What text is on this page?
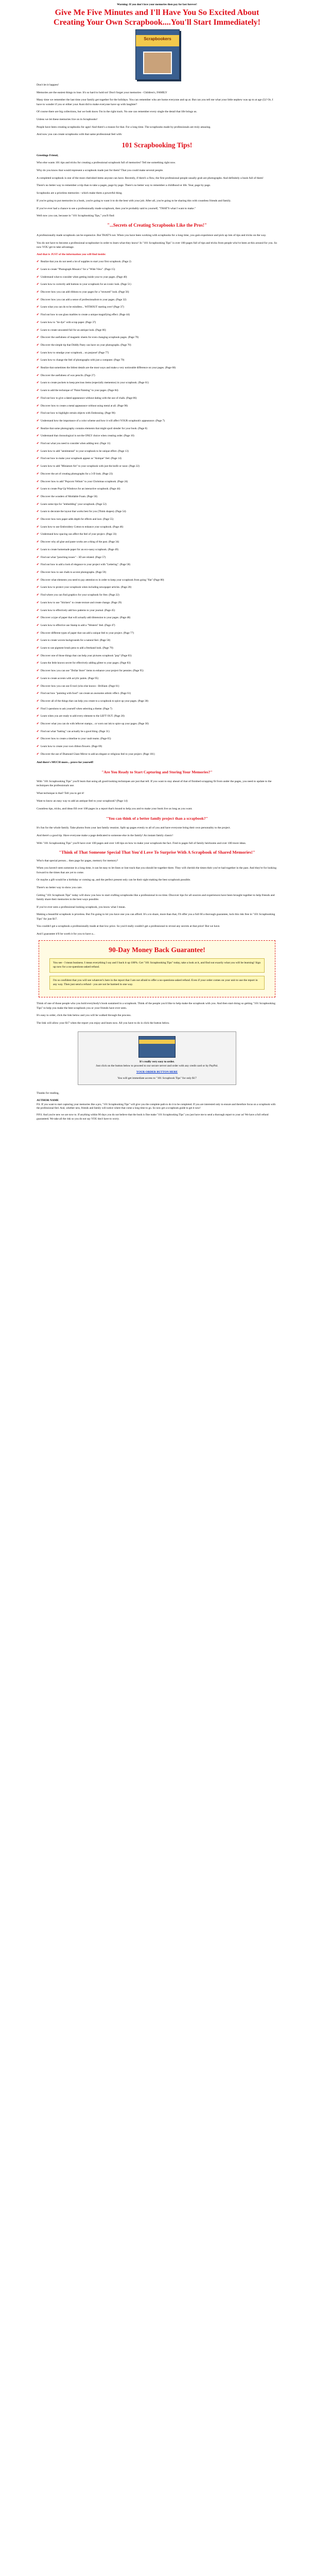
Warning: If you don't love your memories then pay for last forever!

Give Me Five Minutes and I'll Have You So Excited About Creating Your Own Scrapbook....You'll Start Immediately!
Scrapbookers

Don't let it happen!

Memories are the easiest things to lose. It's so hard to hold on! Don't forget your memories - Children's, FAMILY

Many time we remember the last time your family get together for the holidays. You can remember who are home everyone and up at. But can you tell me what your little nephew was up to at age (5)? Or, I have to wonder if you or either your Aunt did to make everyone have up with laughter?

Of course there are big collections, but we both know I'm in the right track. No one can remember every single the detail that life brings us.

Unless we let these memories live on in Scrapbooks!

People have been creating scrapbooks for ages! And there's a reason for that. For a long time. The scrapbooks made by professionals are truly amazing.

And now you can create scrapbooks with that same professional feel with:

101 Scrapbooking Tips!

Greetings Friend,

Who else wants 101 tips and tricks for creating a professional scrapbook full of memories? Tell me something right now.

Why do you know that would represent a scrapbook made just for them? That you could make several people.

A completed scrapbook is one of the most cherished items anyone can have. Recently, if there's a flow, the first professional people usually grab are photographs. And definitely a book full of them!

There's no better way to remember a trip than to take a pages, page by page. There's no better way to remember a childhood or life. Year, page by page.

Scrapbooks are a priceless memories - which make them a powerful thing.

If you're going to put memories in a book, you're going to want it to do the best with your job. After all, you're going to be sharing this with countless friends and family.

If you've ever had a chance to see a professionally made scrapbook, then you're probably said to yourself, "THAT'S what I want to make."

Well now you can, because in "101 Scrapbooking Tips," you'll find:

"...Secrets of Creating Scrapbooks Like the Pros!"

A professionally made scrapbook can be expensive. But THAT'S not. When you have been working with scrapbooks for a long time, you gain experience and pick up lots of tips and tricks on the way.

You do not have to become a professional scrapbooker in order to learn what they know! In "101 Scrapbooking Tips" is over 100 pages full of tips and tricks from people who've been at this around for you. So now YOU get to take advantage.

And that is JUST of the information you will find inside:

✔ Realize that you do not need a lot of supplies to start your first scrapbook. (Page 2)
✔ Learn to create "Photograph Mosaics" for a "Wide View". (Page 15)
✔ Understand what to consider when getting inside your to your pages. (Page 40)
✔ Learn how to correctly add buttons to your scrapbook for an iconic look. (Page 51)
✔ Discover how you can add ribbons to your pages for a "textured" look. (Page 56)
✔ Discover how you can add a sense of professionalism to your pages. (Page 32)
✔ Learn what you can do to be mindless... WITHOUT starting over! (Page 37)
✔ Find out how to use glass marbles to create a unique magnifying effect. (Page 44)
✔ Learn how to "tie dye" with scrap paper. (Page 37)
✔ Learn to create unwanted fail for an antique look. (Page 66)
✔ Discover the usefulness of magnetic sheets for even changing scrapbook pages. (Page 79)
✔ Discover the simple tip that Diddly Pasty can have on your photographs. (Page 70)
✔ Learn how to smudge your scrapbook... on purpose! (Page 77)
✔ Learn how to change the feel of photographs with just a computer. (Page 79)
✔ Realize that sometimes the littlest details are the most ways and make a very noticeable difference on your pages. (Page 60)
✔ Discover the usefulness of wax pencils. (Page 27)
✔ Learn to create pockets to keep precious items (especially mementos) in your scrapbook. (Page 61)
✔ Learn to add the technique of "Paint Painting" to your pages. (Page 84)
✔ Find out how to give a dated appearance without dating with the use of chalk. (Page 86)
✔ Discover how to create a metal appearance without using metal at all. (Page 90)
✔ Find out how to highlight certain objects with Embossing. (Page 96)
✔ Understand how the importance of a color scheme and how it will affect YOUR scrapbook's appearance. (Page 7)
✔ Realize that some photography contains elements that might spoil slender for your book. (Page 8)
✔ Understand that chronological is not the ONLY choice when creating order. (Page 10)
✔ Find out what you need to consider when adding text. (Page 11)
✔ Learn how to add "sentimental" to your scrapbook to be unique effect. (Page 13)
✔ Find out how to make your scrapbook appear as "Antique" feel. (Page 14)
✔ Learn how to add "Miniature Art" to your scrapbook with just the knife or razor. (Page 22)
✔ Discover the art of creating photographs for a 3-D look. (Page 23)
✔ Discover how to add "Popcorn Vellum" to your Christmas scrapbook. (Page 24)
✔ Learn to create Pop-Up Windows for an interactive scrapbook. (Page 44)
✔ Discover the wonders of Moldable Foam. (Page 50)
✔ Learn some tips for "embedding" your scrapbook. (Page 52)
✔ Learn to decorate the layout that works best for you (Think shapes). (Page 54)
✔ Discover how torn paper adds depth for effects and lace. (Page 55)
✔ Learn how to use Embroidery Cotton to enhance your scrapbook. (Page 46)
✔ Understand how spacing can affect the feel of your project. (Page 33)
✔ Discover why all glue and paste works are a thing of the past. (Page 34)
✔ Learn to create homemade paper for an eco-sassy scrapbook. (Page 49)
✔ Find out what "punching issues" - 3D are related. (Page 57)
✔ Find out how to add a look of elegance to your project with "Lettering". (Page 58)
✔ Discover how to use chalk to accent photographs. (Page 59)
✔ Discover what elements you need to pay attention to in order to keep your scrapbook from going "flat" (Page 80)
✔ Learn how to protect your scrapbook when including newspaper articles. (Page 20)
✔ Find where you can find graphics for your scrapbook for free. (Page 22)
✔ Learn how to use "Stickers" to create texture and create change. (Page 29)
✔ Learn how to effectively add box patterns to your journal. (Page 45)
✔ Discover a type of paper that will actually add dimension to your pages. (Page 48)
✔ Learn how to effective use Stamp to add a "Western" feel. (Page 47)
✔ Discover different types of paper that can add a unique feel to your project. (Page 77)
✔ Learn to create woven backgrounds for a natural feel. (Page 50)
✔ Learn to use pigment brush pens to add a freehand look. (Page 79)
✔ Discover one of those things that can help your pictures scrapbook "pop" (Page 83)
✔ Learn the little known secret for effectively adding glitter to your pages. (Page 83)
✔ Discover how you can use "Dollar Store" items to enhance your project for pennies. (Page 95)
✔ Learn to create accents with acrylic paints. (Page 95)
✔ Discover how you can use E-tool (who else knows - Brilliant. (Page 61)
✔ Find out how "painting with food" can create an awesome artistic effect. (Page 61)
✔ Discover all of the things that can help you create to a scrapbook to spice up your pages. (Page 30)
✔ Find 3 questions to ask yourself when selecting a theme. (Page 7)
✔ Learn when you are ready to add every element to the LEFT OUT. (Page 20)
✔ Discover what you can do with leftover stamps... or worn out ink to spice up your pages. (Page 30)
✔ Find out what "batting" can actually be a good thing. (Page 31)
✔ Discover how to create a timeline to your vault teams. (Page 65)
✔ Learn how to create your own ribbon flowers. (Page 69)
✔ Discover the use of Diamond Glaze Mirror to add an elegant or religious feel to your project. (Page 101)

And there's MUCH more... prove for yourself!

"Are You Ready to Start Capturing and Storing Your Memories?"

With "101 Scrapbooking Tips" you'll learn that using all good-looking techniques are just that tell. If you want to stay ahead of that of finished scrapping fit from under the pages, you need to update to the techniques the professionals use.

What technique is that? Tell you to get it!

Want to know an easy way to add an antique feel to your scrapbook? (Page 14)

Countless tips, tricks, and ideas fill over 100 pages in a report that's bound to help you and to make your book live as long as you want.

"You can think of a better family project than a scrapbook?"

It's fun for the whole family. Take photos from your last family reunion. Split up pages evenly to all of you and have everyone bring their own personality to the project.

And there's a good tip. Have everyone make a page dedicated to someone else in the family! An instant family classic!

With "101 Scrapbooking Tips" you'll have over 100 pages and over 140 tips on how to make your scrapbook the fact. Find in pages full of family heirlooms and over 100 more ideas.

"Think of That Someone Special That You'd Love To Surprise With A Scrapbook of Shared Memories!"

Who's that special person... then page for pages, memory for memory?

When you haven't seen someone in a long time, it can be easy to let lines or lost track that you should be together there. They will cherish the times their you've had together in the past. And they're for looking forward to the times that are yet to come.

Or maybe a gift would be a birthday or coming up, and the perfect present only can be their sight making the best scrapbook possible.

There's no better way to show you care.

Getting "101 Scrapbook Tips" today will show you how to start crafting scrapbooks like a professional in no time. Discover tips for all sources and experiences have been brought together to help friends and family share their memories in the best ways possible.

If you've ever seen a professional looking scrapbook, you know what I mean.

Making a beautiful scrapbook is priceless. But I'm going to let you have one you can afford. It's a to share, more than that, I'll offer you a full 60 a thorough guarantee, lock this risk free in "101 Scrapbooking Tips" for just $17.

You couldn't get a scrapbook a professionally made at that low price. So you'd really couldn't get a professional to reveal any secrets at that price! But we have.

And I guarantee it'll be worth it for you to have a...

90-Day Money Back Guarantee!
You see - I mean business. I mean everything I say and I back it up 100%. Get "101 Scrapbooking Tips" today, take a look at it, and find out exactly what you will be learning! Sign up now for a no-questions-asked refund.
I'm so confident that you will see whatever's here in the report that I am not afraid to offer a no-questions-asked refund. Even if your order comes on your unit to use the report in any way. Then just send a refund - you are not be harmed in one way.

Think of one of those people who you hold everybody's book sustained in a scrapbook. Think of the people you'd like to help make the scrapbook with you. And then start doing so getting "101 Scrapbooking Tips" to help you make the best scrapbook you or your friends have ever seen.

It's easy to order, click the link below and you will be walked through the process.

The link will allow your $17 when the report you enjoy and learn now. All you have to do is click the button below.

It's really very easy to order.
Just click on the button below to proceed to our secure server and order with any credit card or by PayPal.
YOUR ORDER BUTTON HERE
You will get immediate access to "101 Scrapbook Tips" for only $17

Thanks for reading,

AUTHOR NAME

P.S. If you want to start capturing your memories like a pro, "101 Scrapbooking Tips" will give you the complete path to do it to be completed. If you are interested only to ensure and therefore focus on a scrapbook with the professional feel. And, whether new, friends and family will notice where that come a long time to go. So now get a scrapbook guide to get it now!

P.P.S. And you're new we are now to. If anything within 90 days you do not believe that the book is fine make "101 Scrapbooking Tips" you just have me to send a thorough report to your as! We have a full refund guaranteed. We take all the risk so you do not say YOU don't have to worry.
